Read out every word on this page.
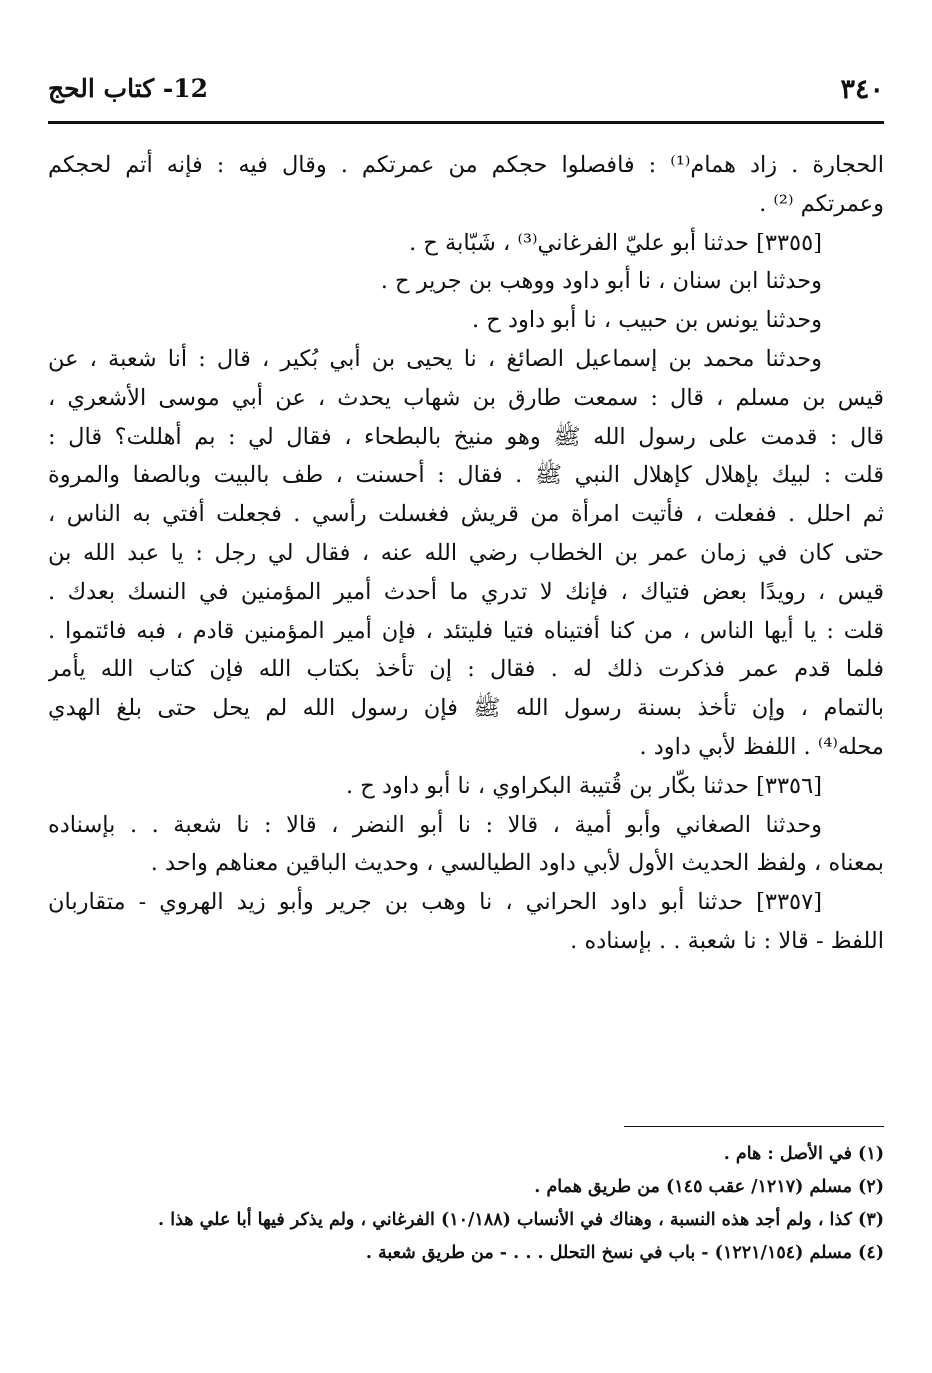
٣٤٠
12- كتاب الحج
الحجارة . زاد همام⁽¹⁾ : فافصلوا حجكم من عمرتكم . وقال فيه : فإنه أتم لحجكم
وعمرتكم ⁽²⁾ .
[٣٣٥٥] حدثنا أبو عليّ الفرغاني⁽³⁾ ، شَبّابة ح .
وحدثنا ابن سنان ، نا أبو داود ووهب بن جرير ح .
وحدثنا يونس بن حبيب ، نا أبو داود ح .
وحدثنا محمد بن إسماعيل الصائغ ، نا يحيى بن أبي بُكير ، قال : أنا شعبة ، عن
قيس بن مسلم ، قال : سمعت طارق بن شهاب يحدث ، عن أبي موسى الأشعري ،
قال : قدمت على رسول الله ﷺ وهو منيخ بالبطحاء ، فقال لي : بم أهللت؟ قال :
قلت : لبيك بإهلال كإهلال النبي ﷺ . فقال : أحسنت ، طف بالبيت وبالصفا والمروة
ثم احلل . ففعلت ، فأتيت امرأة من قريش فغسلت رأسي . فجعلت أفتي به الناس ،
حتى كان في زمان عمر بن الخطاب رضي الله عنه ، فقال لي رجل : يا عبد الله بن
قيس ، رويدًا بعض فتياك ، فإنك لا تدري ما أحدث أمير المؤمنين في النسك بعدك .
قلت : يا أيها الناس ، من كنا أفتيناه فتيا فليتئد ، فإن أمير المؤمنين قادم ، فبه فائتموا .
فلما قدم عمر فذكرت ذلك له . فقال : إن تأخذ بكتاب الله فإن كتاب الله يأمر
بالتمام ، وإن تأخذ بسنة رسول الله ﷺ فإن رسول الله لم يحل حتى بلغ الهدي
محله⁽⁴⁾ . اللفظ لأبي داود .
[٣٣٥٦] حدثنا بكّار بن قُتيبة البكراوي ، نا أبو داود ح .
وحدثنا الصغاني وأبو أمية ، قالا : نا أبو النضر ، قالا : نا شعبة . . بإسناده
بمعناه ، ولفظ الحديث الأول لأبي داود الطيالسي ، وحديث الباقين معناهم واحد .
[٣٣٥٧] حدثنا أبو داود الحراني ، نا وهب بن جرير وأبو زيد الهروي - متقاربان
اللفظ - قالا : نا شعبة . . بإسناده .
(١) في الأصل : هام .
(٢) مسلم (١٢١٧/ عقب ١٤٥) من طريق همام .
(٣) كذا ، ولم أجد هذه النسبة ، وهناك في الأنساب (١٠/١٨٨) الفرغاني ، ولم يذكر فيها أبا علي هذا .
(٤) مسلم (١٢٢١/١٥٤) - باب في نسخ التحلل . . . - من طريق شعبة .
